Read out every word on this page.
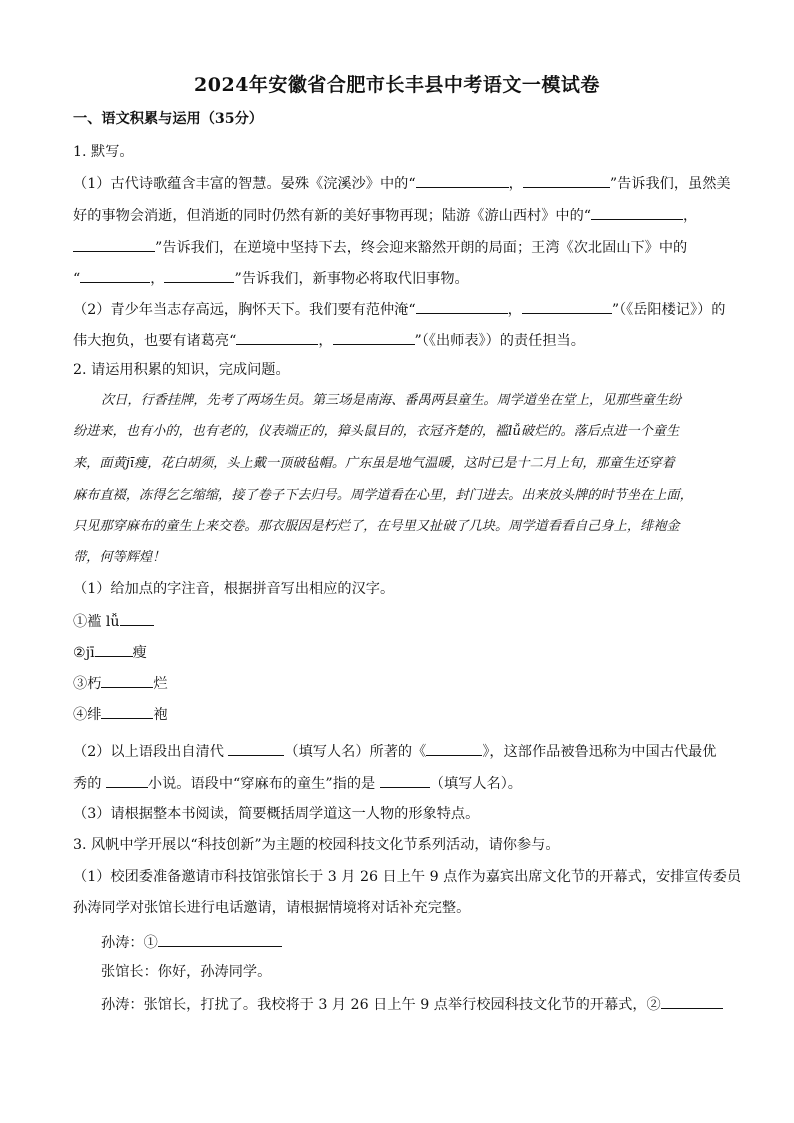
2024年安徽省合肥市长丰县中考语文一模试卷
一、语文积累与运用（35分）
1. 默写。
（1）古代诗歌蕴含丰富的智慧。晏殊《浣溪沙》中的“	，	”告诉我们，虽然美
好的事物会消逝，但消逝的同时仍然有新的美好事物再现；陆游《游山西村》中的“	，
”告诉我们，在逆境中坚持下去，终会迎来豁然开朗的局面；王湾《次北固山下》中的
“	，	”告诉我们，新事物必将取代旧事物。
（2）青少年当志存高远，胸怀天下。我们要有范仲淹“	，	”（《岳阳楼记》）的
伟大抱负，也要有诸葛亮“	，	”（《出师表》）的责任担当。
2. 请运用积累的知识，完成问题。
次日，行香挂牌，先考了两场生员。第三场是南海、番禺两县童生。周学道坐在堂上，见那些童生纷
纷进来，也有小的，也有老的，仪表端正的，獐头鼠目的，衣冠齐楚的，褴lǚ破烂的。落后点进一个童生
来，面黄jī瘦，花白胡须，头上戴一顶破毡帽。广东虽是地气温暖，这时已是十二月上旬，那童生还穿着
麻布直裰，冻得乞乞缩缩，接了卷子下去归号。周学道看在心里，封门进去。出来放头牌的时节坐在上面，
只见那穿麻布的童生上来交卷。那衣服因是朽烂了，在号里又扯破了几块。周学道看看自己身上，绯袍金
带，何等辉煌！
（1）给加点的字注音，根据拼音写出相应的汉字。
①褴 lǚ
②jī	瘦
③朽	烂
④绯	袍
（2）以上语段出自清代	（填写人名）所著的《	》，这部作品被鲁迅称为中国古代最优
秀的	小说。语段中“穿麻布的童生”指的是	（填写人名）。
（3）请根据整本书阅读，简要概括周学道这一人物的形象特点。
3. 风帆中学开展以“科技创新”为主题的校园科技文化节系列活动，请你参与。
（1）校团委准备邀请市科技馆张馆长于 3 月 26 日上午 9 点作为嘉宾出席文化节的开幕式，安排宣传委员
孙涛同学对张馆长进行电话邀请，请根据情境将对话补充完整。
孙涛：①
张馆长：你好，孙涛同学。
孙涛：张馆长，打扰了。我校将于 3 月 26 日上午 9 点举行校园科技文化节的开幕式，②
